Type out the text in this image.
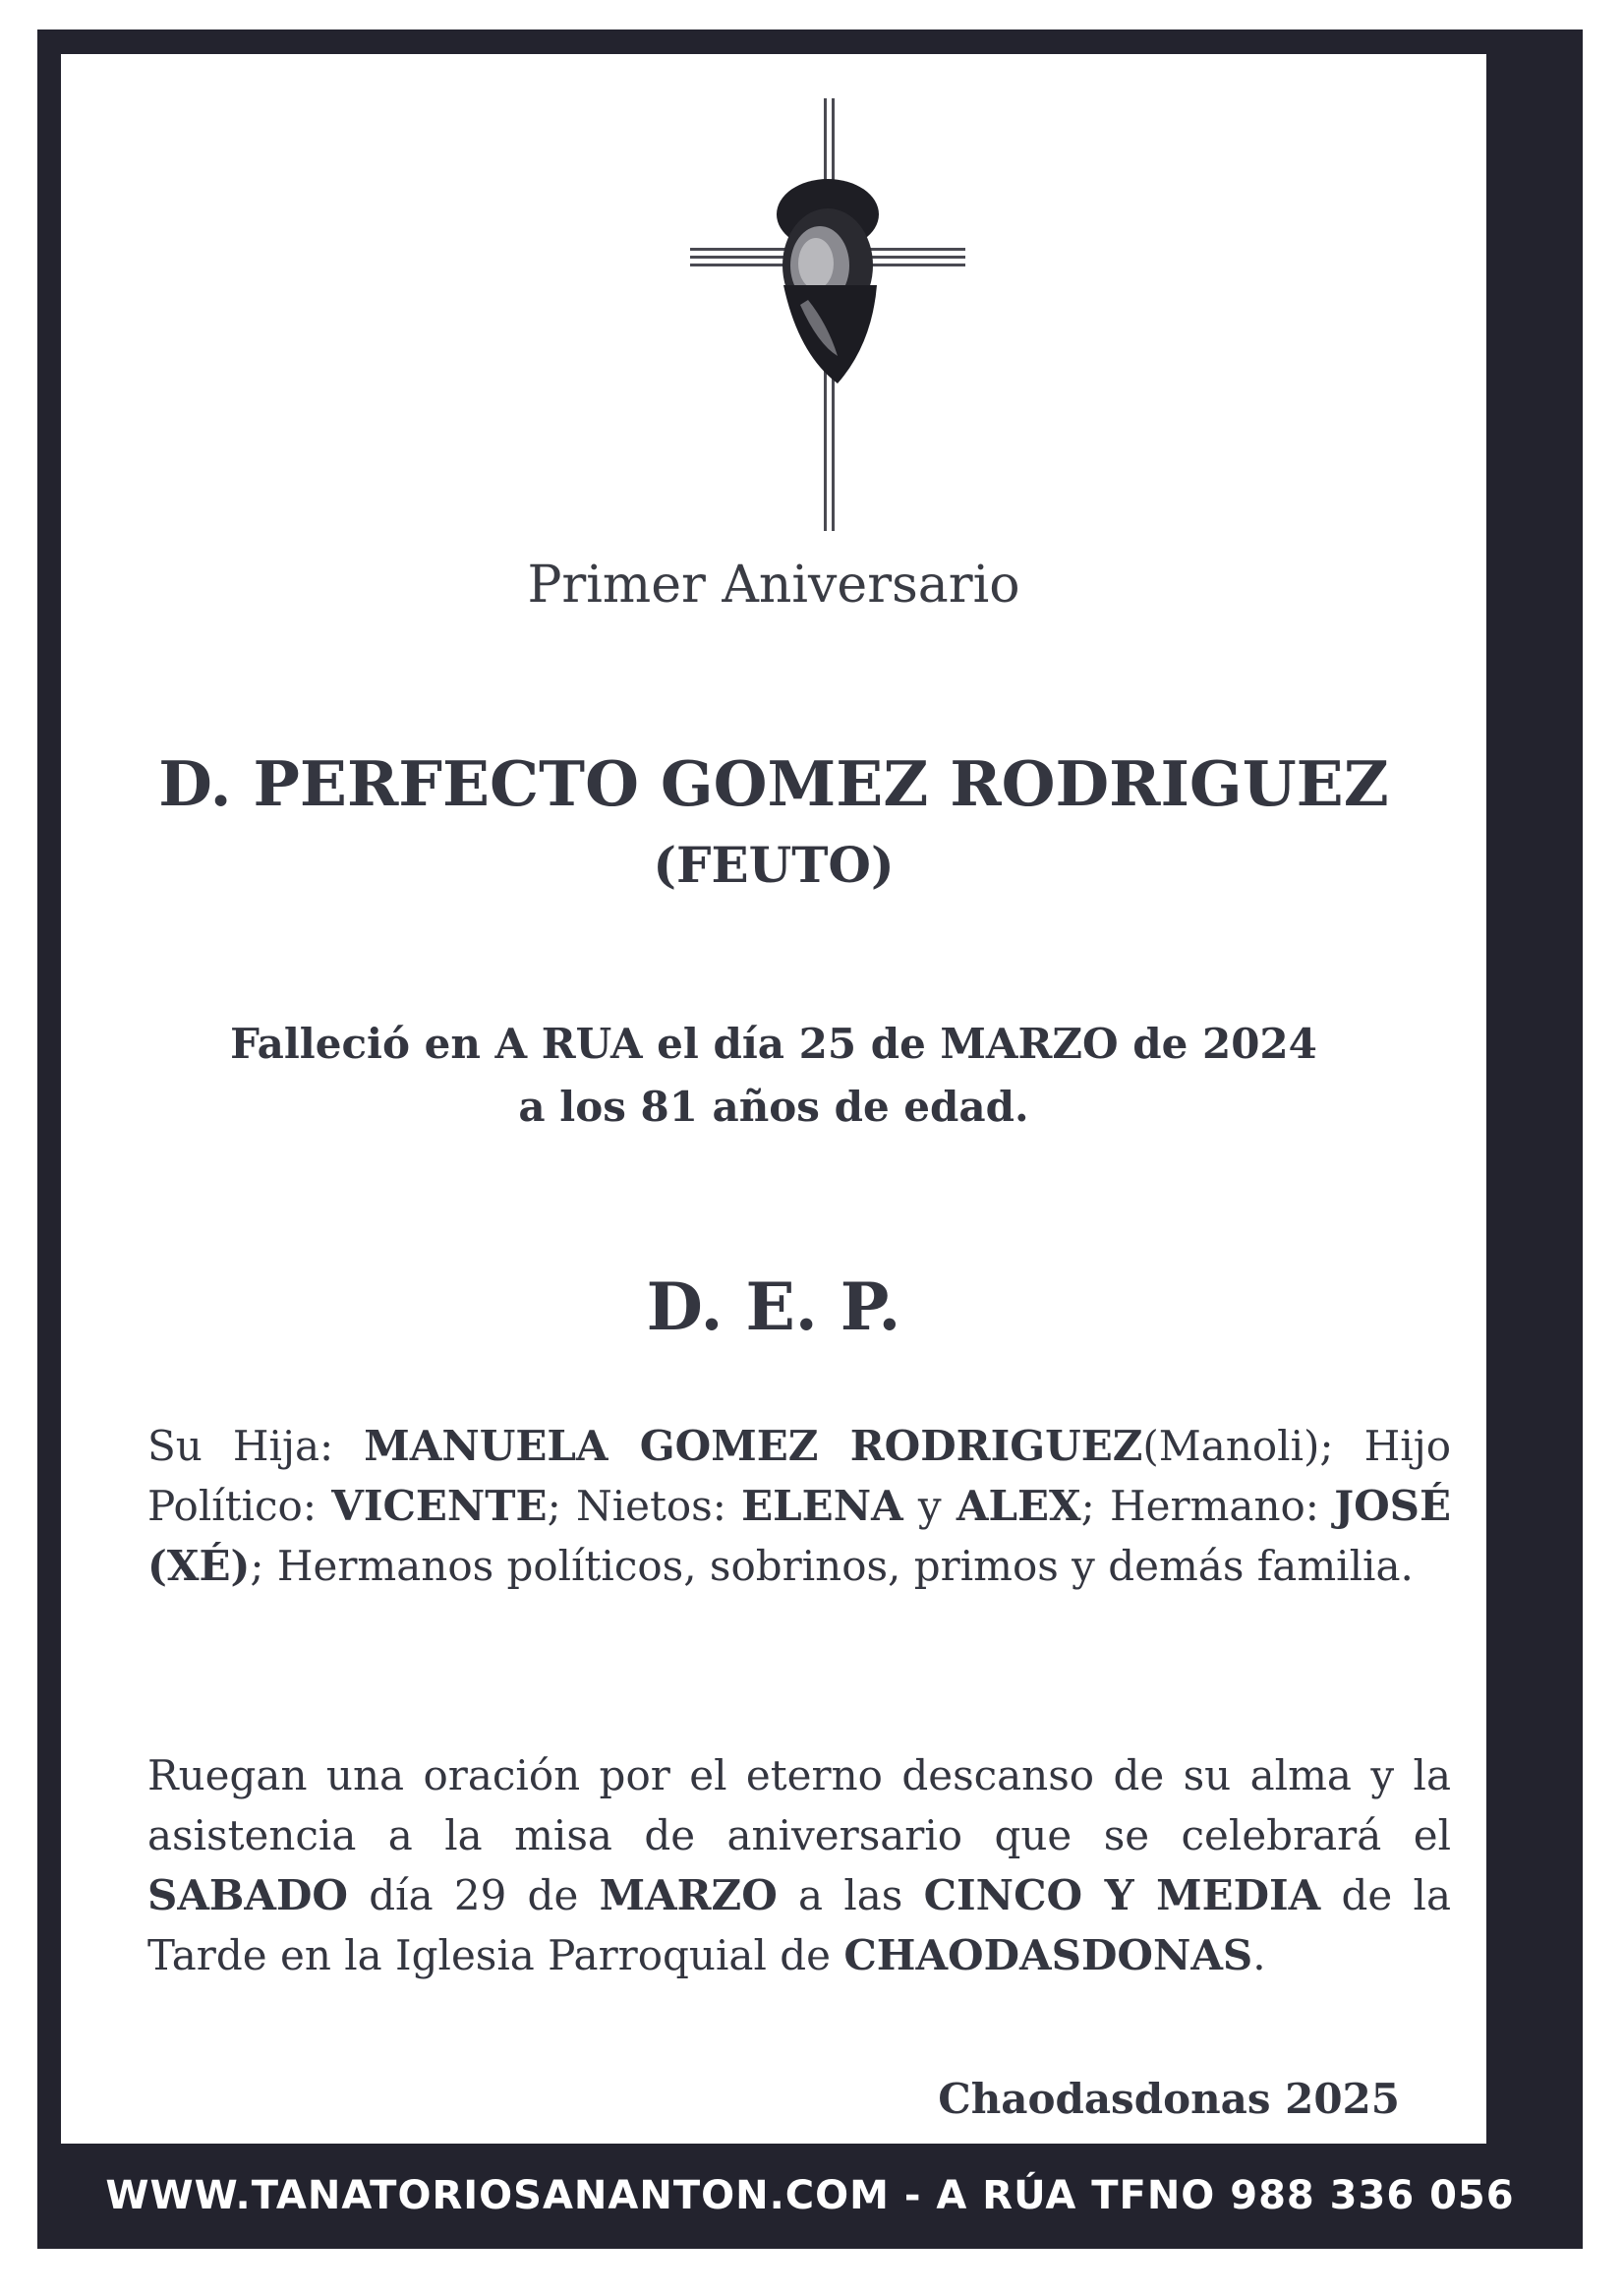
Primer Aniversario
D. PERFECTO GOMEZ RODRIGUEZ
(FEUTO)
Falleció en A RUA el día 25 de MARZO de 2024
a los 81 años de edad.
D. E. P.
Su Hija: MANUELA GOMEZ RODRIGUEZ(Manoli); Hijo Político: VICENTE; Nietos: ELENA y ALEX; Hermano: JOSÉ (XÉ); Hermanos políticos, sobrinos, primos y demás familia.
Ruegan una oración por el eterno descanso de su alma y la asistencia a la misa de aniversario que se celebrará el SABADO día 29 de MARZO a las CINCO Y MEDIA de la Tarde en la Iglesia Parroquial de CHAODASDONAS.
Chaodasdonas 2025
WWW.TANATORIOSANANTON.COM - A RÚA TFNO 988 336 056
